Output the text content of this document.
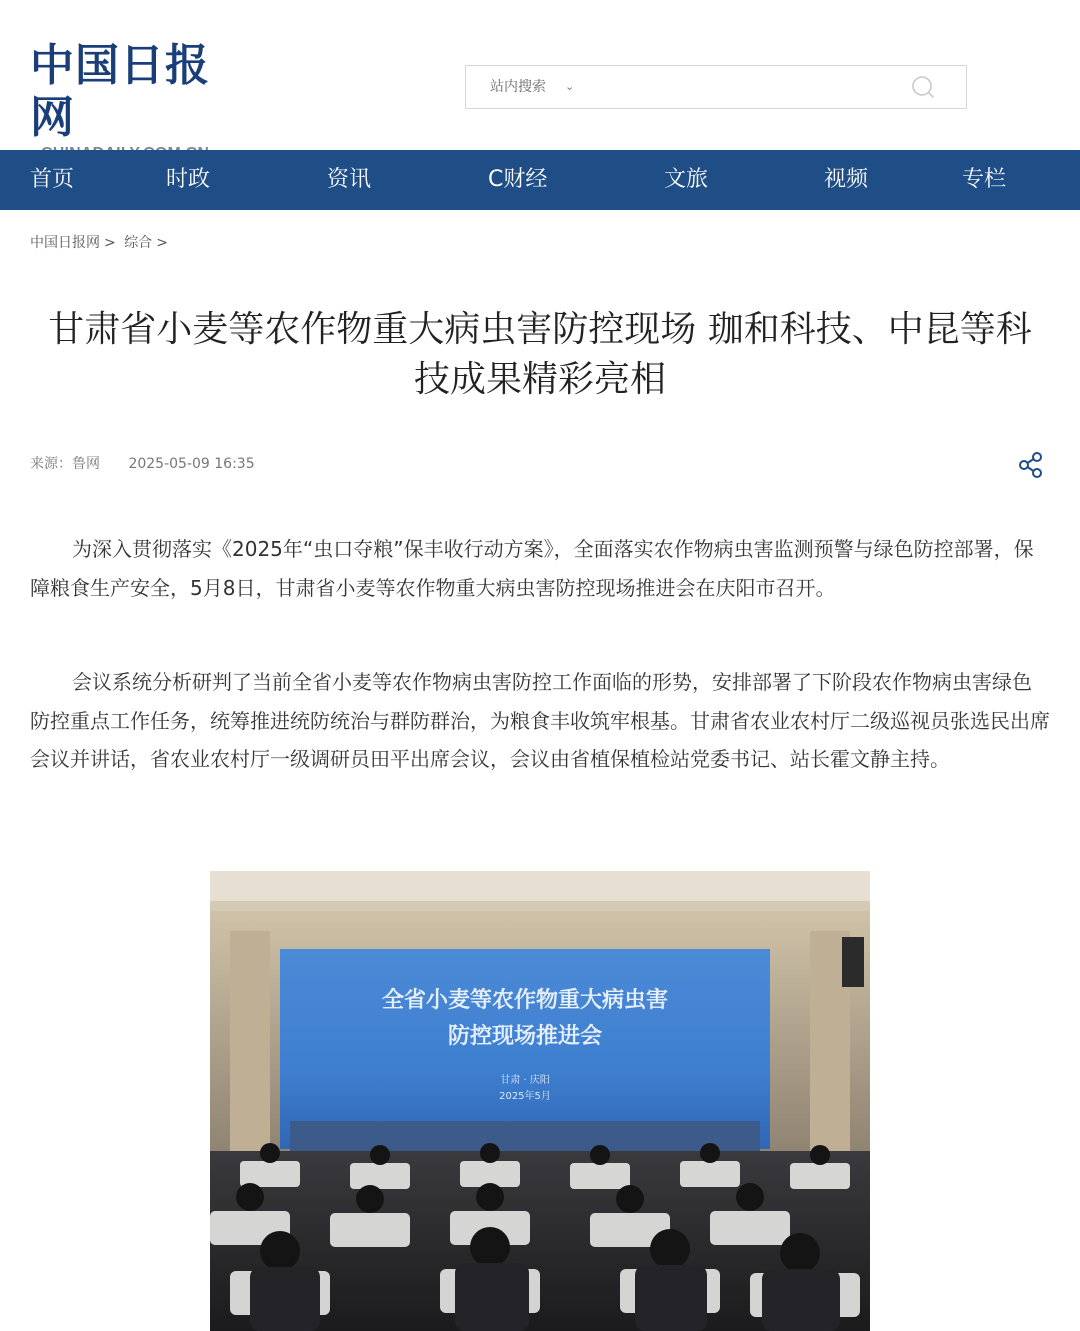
中国日报网
站内搜索 ⌄
首页	时政	资讯	C财经	文旅	视频	专栏
中国日报网 > 综合 >
甘肃省小麦等农作物重大病虫害防控现场 珈和科技、中昆等科技成果精彩亮相
来源：鲁网 2025-05-09 16:35

为深入贯彻落实《2025年“虫口夺粮”保丰收行动方案》，全面落实农作物病虫害监测预警与绿色防控部署，保障粮食生产安全，5月8日，甘肃省小麦等农作物重大病虫害防控现场推进会在庆阳市召开。

会议系统分析研判了当前全省小麦等农作物病虫害防控工作面临的形势，安排部署了下阶段农作物病虫害绿色防控重点工作任务，统筹推进统防统治与群防群治，为粮食丰收筑牢根基。甘肃省农业农村厅二级巡视员张选民出席会议并讲话，省农业农村厅一级调研员田平出席会议，会议由省植保植检站党委书记、站长霍文静主持。

全省小麦等农作物重大病虫害
防控现场推进会
甘肃 · 庆阳
2025年5月
